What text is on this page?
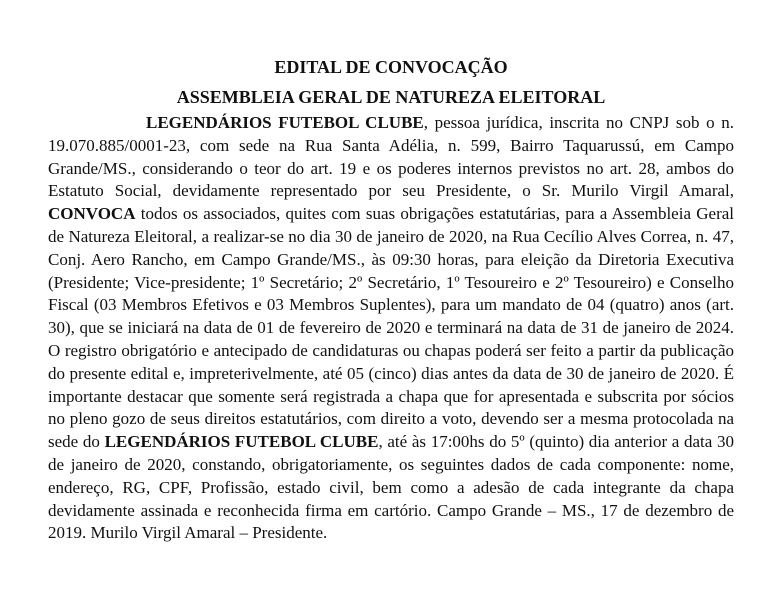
EDITAL DE CONVOCAÇÃO
ASSEMBLEIA GERAL DE NATUREZA ELEITORAL

LEGENDÁRIOS FUTEBOL CLUBE, pessoa jurídica, inscrita no CNPJ sob o n. 19.070.885/0001-23, com sede na Rua Santa Adélia, n. 599, Bairro Taquarussú, em Campo Grande/MS., considerando o teor do art. 19 e os poderes internos previstos no art. 28, ambos do Estatuto Social, devidamente representado por seu Presidente, o Sr. Murilo Virgil Amaral, CONVOCA todos os associados, quites com suas obrigações estatutárias, para a Assembleia Geral de Natureza Eleitoral, a realizar-se no dia 30 de janeiro de 2020, na Rua Cecílio Alves Correa, n. 47, Conj. Aero Rancho, em Campo Grande/MS., às 09:30 horas, para eleição da Diretoria Executiva (Presidente; Vice-presidente; 1º Secretário; 2º Secretário, 1º Tesoureiro e 2º Tesoureiro) e Conselho Fiscal (03 Membros Efetivos e 03 Membros Suplentes), para um mandato de 04 (quatro) anos (art. 30), que se iniciará na data de 01 de fevereiro de 2020 e terminará na data de 31 de janeiro de 2024. O registro obrigatório e antecipado de candidaturas ou chapas poderá ser feito a partir da publicação do presente edital e, impreterivelmente, até 05 (cinco) dias antes da data de 30 de janeiro de 2020. É importante destacar que somente será registrada a chapa que for apresentada e subscrita por sócios no pleno gozo de seus direitos estatutários, com direito a voto, devendo ser a mesma protocolada na sede do LEGENDÁRIOS FUTEBOL CLUBE, até às 17:00hs do 5º (quinto) dia anterior a data 30 de janeiro de 2020, constando, obrigatoriamente, os seguintes dados de cada componente: nome, endereço, RG, CPF, Profissão, estado civil, bem como a adesão de cada integrante da chapa devidamente assinada e reconhecida firma em cartório. Campo Grande – MS., 17 de dezembro de 2019. Murilo Virgil Amaral – Presidente.
